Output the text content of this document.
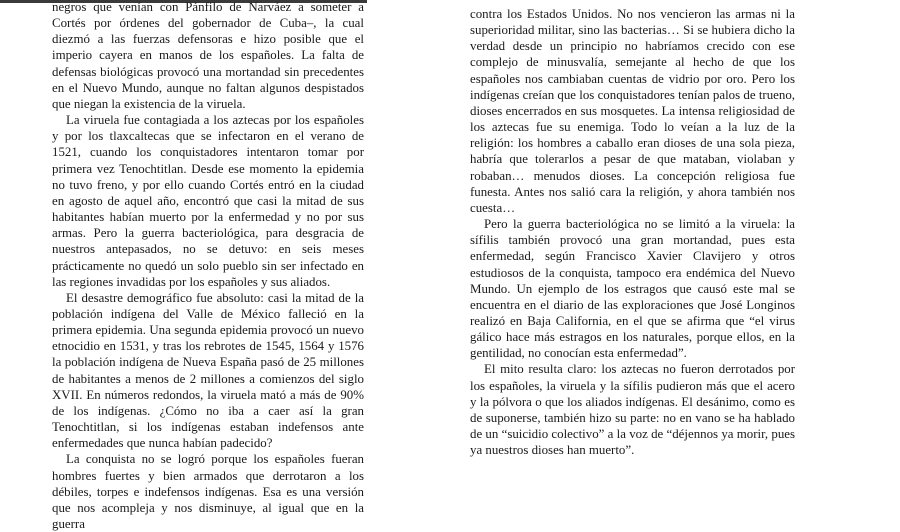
negros que venían con Pánfilo de Narváez a someter a Cortés por órdenes del gobernador de Cuba–, la cual diezmó a las fuerzas defensoras e hizo posible que el imperio cayera en manos de los españoles. La falta de defensas biológicas provocó una mortandad sin precedentes en el Nuevo Mundo, aunque no faltan algunos despistados que niegan la existencia de la viruela.

La viruela fue contagiada a los aztecas por los españoles y por los tlaxcaltecas que se infectaron en el verano de 1521, cuando los conquistadores intentaron tomar por primera vez Tenochtitlan. Desde ese momento la epidemia no tuvo freno, y por ello cuando Cortés entró en la ciudad en agosto de aquel año, encontró que casi la mitad de sus habitantes habían muerto por la enfermedad y no por sus armas. Pero la guerra bacteriológica, para desgracia de nuestros antepasados, no se detuvo: en seis meses prácticamente no quedó un solo pueblo sin ser infectado en las regiones invadidas por los españoles y sus aliados.

El desastre demográfico fue absoluto: casi la mitad de la población indígena del Valle de México falleció en la primera epidemia. Una segunda epidemia provocó un nuevo etnocidio en 1531, y tras los rebrotes de 1545, 1564 y 1576 la población indígena de Nueva España pasó de 25 millones de habitantes a menos de 2 millones a comienzos del siglo XVII. En números redondos, la viruela mató a más de 90% de los indígenas. ¿Cómo no iba a caer así la gran Tenochtitlan, si los indígenas estaban indefensos ante enfermedades que nunca habían padecido?

La conquista no se logró porque los españoles fueran hombres fuertes y bien armados que derrotaron a los débiles, torpes e indefensos indígenas. Esa es una versión que nos acompleja y nos disminuye, al igual que en la guerra

contra los Estados Unidos. No nos vencieron las armas ni la superioridad militar, sino las bacterias… Si se hubiera dicho la verdad desde un principio no habríamos crecido con ese complejo de minusvalía, semejante al hecho de que los españoles nos cambiaban cuentas de vidrio por oro. Pero los indígenas creían que los conquistadores tenían palos de trueno, dioses encerrados en sus mosquetes. La intensa religiosidad de los aztecas fue su enemiga. Todo lo veían a la luz de la religión: los hombres a caballo eran dioses de una sola pieza, habría que tolerarlos a pesar de que mataban, violaban y robaban… menudos dioses. La concepción religiosa fue funesta. Antes nos salió cara la religión, y ahora también nos cuesta…

Pero la guerra bacteriológica no se limitó a la viruela: la sífilis también provocó una gran mortandad, pues esta enfermedad, según Francisco Xavier Clavijero y otros estudiosos de la conquista, tampoco era endémica del Nuevo Mundo. Un ejemplo de los estragos que causó este mal se encuentra en el diario de las exploraciones que José Longinos realizó en Baja California, en el que se afirma que “el virus gálico hace más estragos en los naturales, porque ellos, en la gentilidad, no conocían esta enfermedad”.

El mito resulta claro: los aztecas no fueron derrotados por los españoles, la viruela y la sífilis pudieron más que el acero y la pólvora o que los aliados indígenas. El desánimo, como es de suponerse, también hizo su parte: no en vano se ha hablado de un “suicidio colectivo” a la voz de “déjennos ya morir, pues ya nuestros dioses han muerto”.
